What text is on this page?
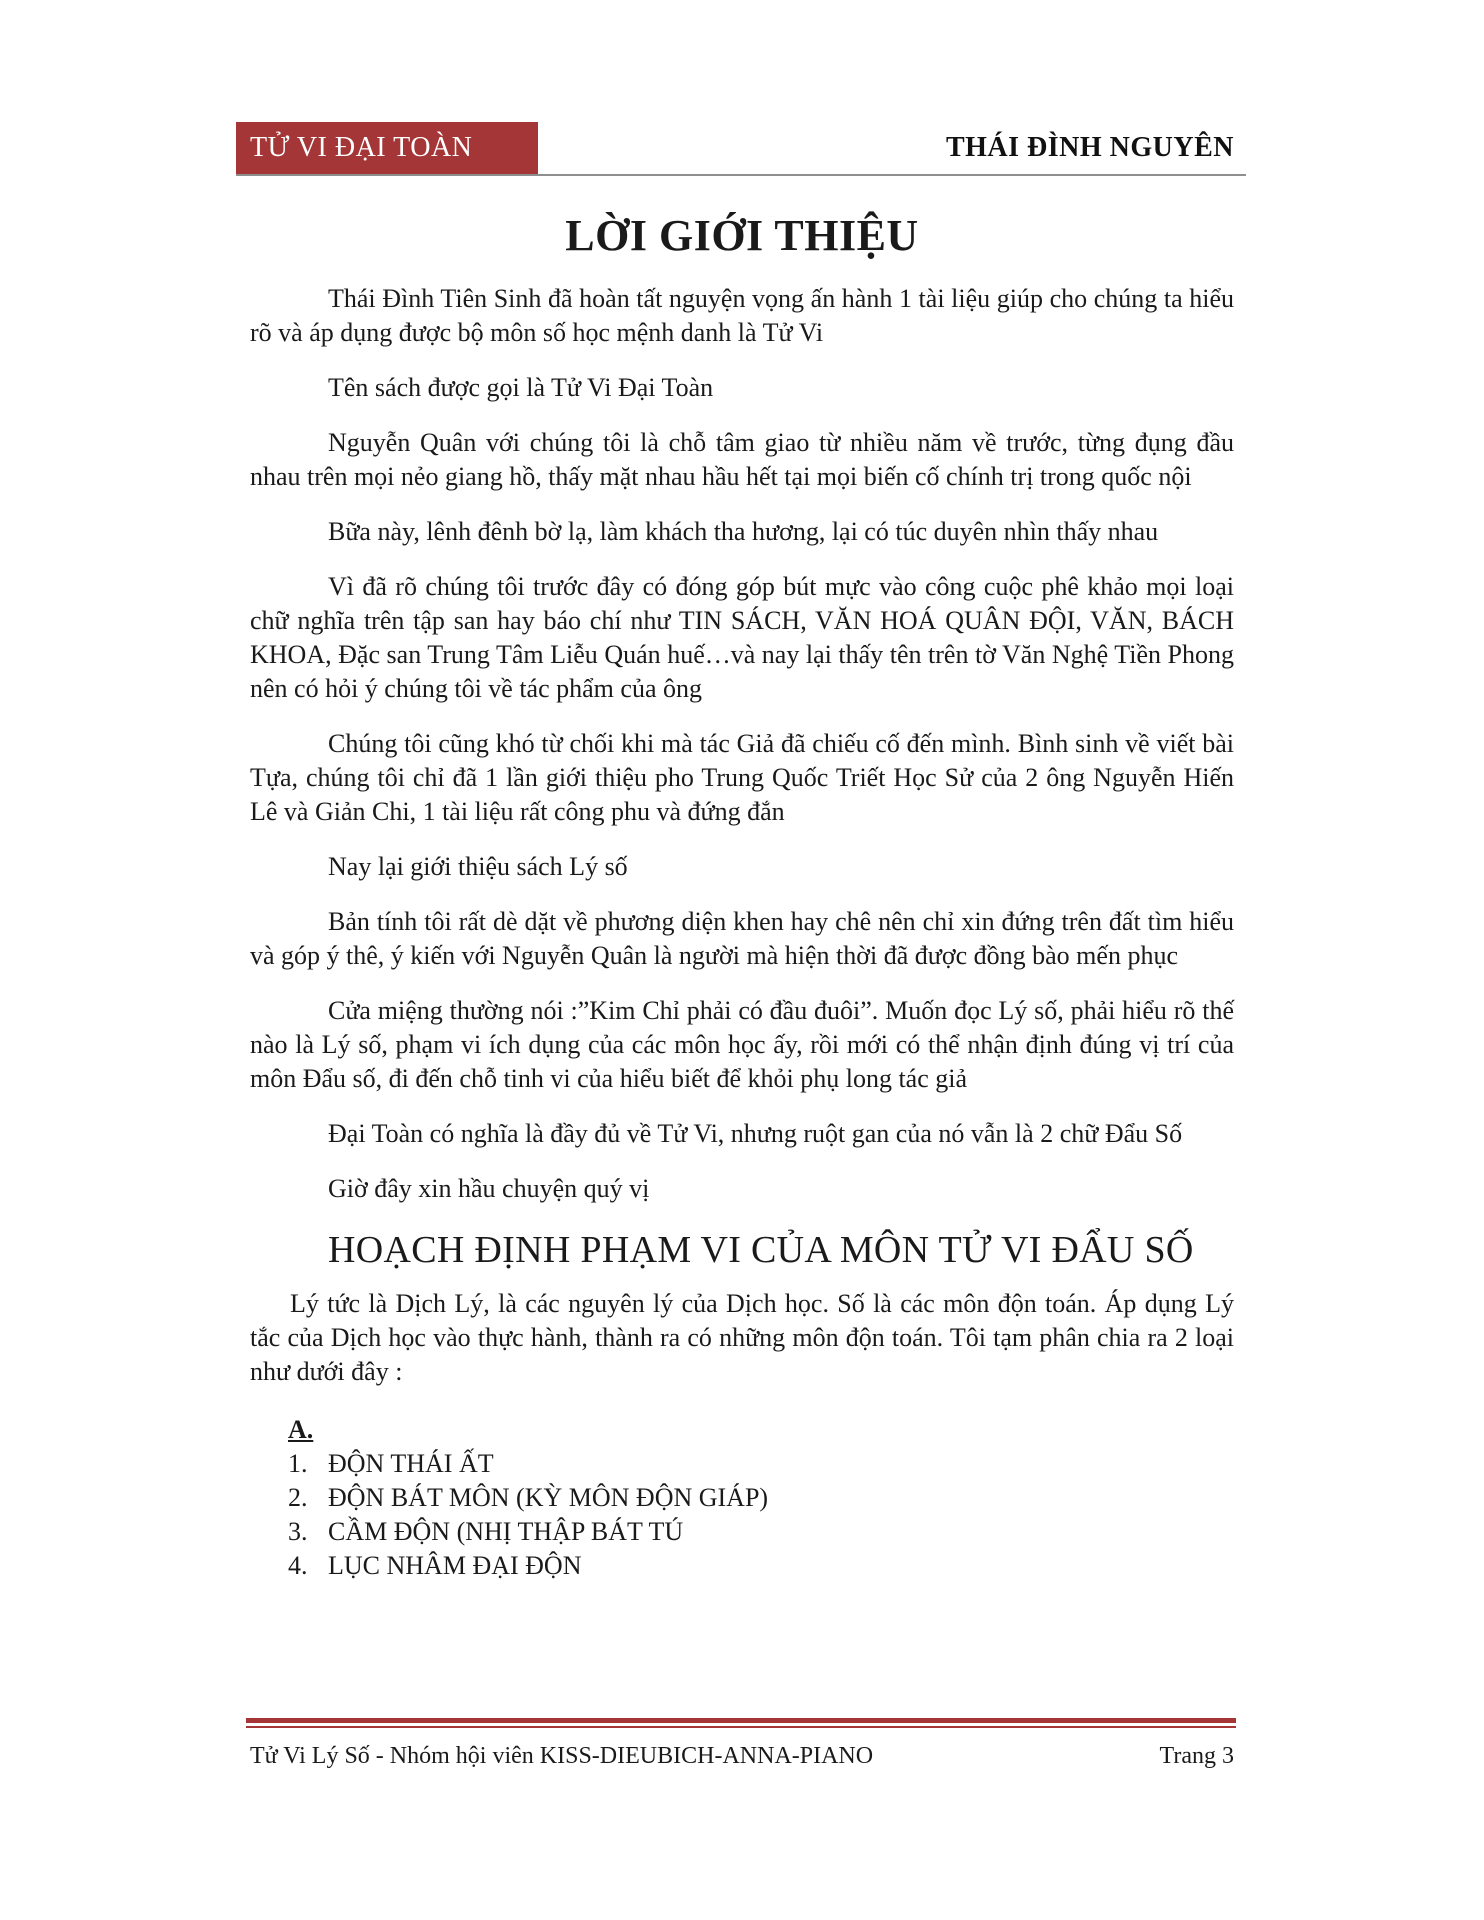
TỬ VI ĐẠI TOÀN	THÁI ĐÌNH NGUYÊN
LỜI GIỚI THIỆU

Thái Đình Tiên Sinh đã hoàn tất nguyện vọng ấn hành 1 tài liệu giúp cho chúng ta hiểu rõ và áp dụng được bộ môn số học mệnh danh là Tử Vi

Tên sách được gọi là Tử Vi Đại Toàn

Nguyễn Quân với chúng tôi là chỗ tâm giao từ nhiều năm về trước, từng đụng đầu nhau trên mọi nẻo giang hồ, thấy mặt nhau hầu hết tại mọi biến cố chính trị trong quốc nội

Bữa này, lênh đênh bờ lạ, làm khách tha hương, lại có túc duyên nhìn thấy nhau

Vì đã rõ chúng tôi trước đây có đóng góp bút mực vào công cuộc phê khảo mọi loại chữ nghĩa trên tập san hay báo chí như TIN SÁCH, VĂN HOÁ QUÂN ĐỘI, VĂN, BÁCH KHOA, Đặc san Trung Tâm Liễu Quán huế…và nay lại thấy tên trên tờ Văn Nghệ Tiền Phong nên có hỏi ý chúng tôi về tác phẩm của ông

Chúng tôi cũng khó từ chối khi mà tác Giả đã chiếu cố đến mình. Bình sinh về viết bài Tựa, chúng tôi chỉ đã 1 lần giới thiệu pho Trung Quốc Triết Học Sử của 2 ông Nguyễn Hiến Lê và Giản Chi, 1 tài liệu rất công phu và đứng đắn

Nay lại giới thiệu sách Lý số

Bản tính tôi rất dè dặt về phương diện khen hay chê nên chỉ xin đứng trên đất tìm hiểu và góp ý thê, ý kiến với Nguyễn Quân là người mà hiện thời đã được đồng bào mến phục

Cửa miệng thường nói :”Kim Chỉ phải có đầu đuôi”. Muốn đọc Lý số, phải hiểu rõ thế nào là Lý số, phạm vi ích dụng của các môn học ấy, rồi mới có thể nhận định đúng vị trí của môn Đẩu số, đi đến chỗ tinh vi của hiểu biết để khỏi phụ long tác giả

Đại Toàn có nghĩa là đầy đủ về Tử Vi, nhưng ruột gan của nó vẫn là 2 chữ Đẩu Số

Giờ đây xin hầu chuyện quý vị

HOẠCH ĐỊNH PHẠM VI CỦA MÔN TỬ VI ĐẨU SỐ

Lý tức là Dịch Lý, là các nguyên lý của Dịch học. Số là các môn độn toán. Áp dụng Lý tắc của Dịch học vào thực hành, thành ra có những môn độn toán. Tôi tạm phân chia ra 2 loại như dưới đây :

A.
1. ĐỘN THÁI ẤT
2. ĐỘN BÁT MÔN (KỲ MÔN ĐỘN GIÁP)
3. CẦM ĐỘN (NHỊ THẬP BÁT TÚ
4. LỤC NHÂM ĐẠI ĐỘN
Tử Vi Lý Số - Nhóm hội viên KISS-DIEUBICH-ANNA-PIANO	Trang 3
